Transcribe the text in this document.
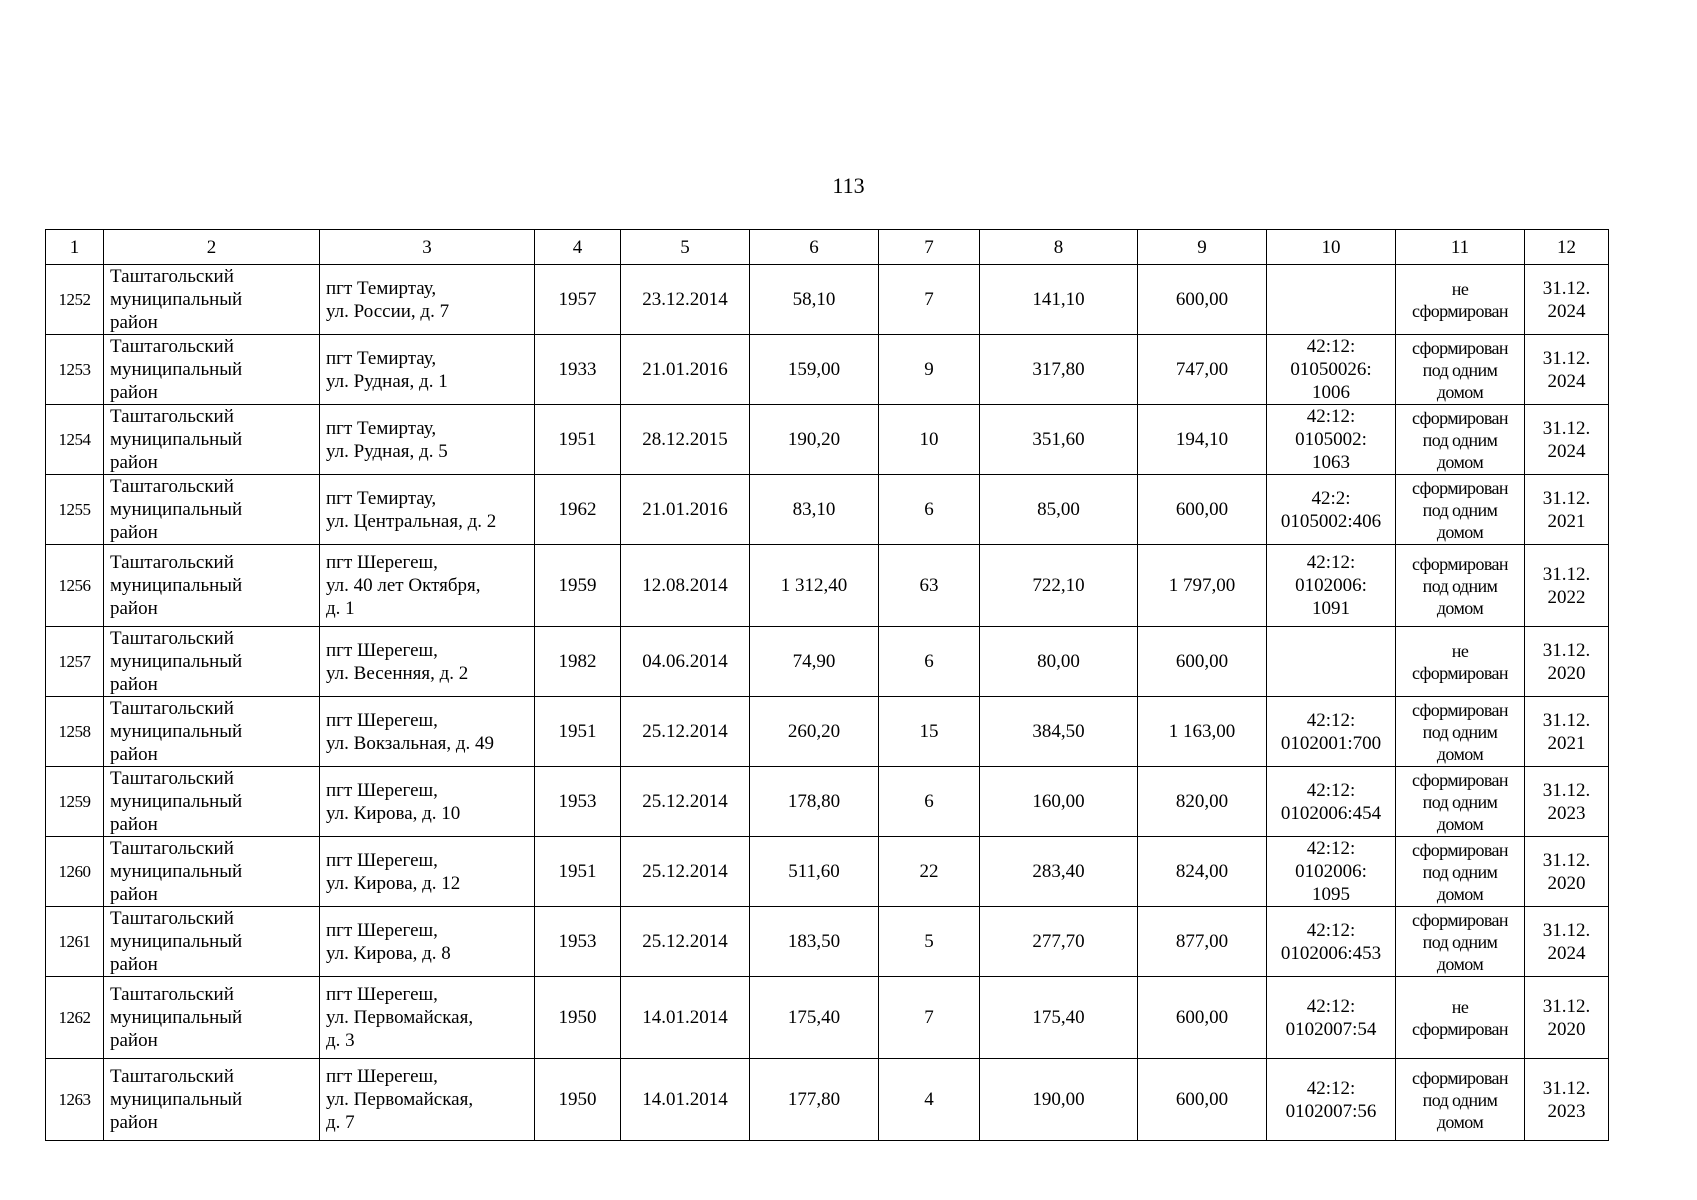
113
1	2	3	4	5	6	7	8	9	10	11	12
1252	Таштагольский
муниципальный
район	пгт Темиртау,
ул. России, д. 7	1957	23.12.2014	58,10	7	141,10	600,00		не
сформирован	31.12.
2024

1253	Таштагольский
муниципальный
район	пгт Темиртау,
ул. Рудная, д. 1	1933	21.01.2016	159,00	9	317,80	747,00	42:12:
01050026:
1006	сформирован
под одним
домом	31.12.
2024

1254	Таштагольский
муниципальный
район	пгт Темиртау,
ул. Рудная, д. 5	1951	28.12.2015	190,20	10	351,60	194,10	42:12:
0105002:
1063	сформирован
под одним
домом	31.12.
2024

1255	Таштагольский
муниципальный
район	пгт Темиртау,
ул. Центральная, д. 2	1962	21.01.2016	83,10	6	85,00	600,00	42:2:
0105002:406	сформирован
под одним
домом	31.12.
2021

1256	Таштагольский
муниципальный
район	пгт Шерегеш,
ул. 40 лет Октября,
д. 1	1959	12.08.2014	1 312,40	63	722,10	1 797,00	42:12:
0102006:
1091	сформирован
под одним
домом	31.12.
2022

1257	Таштагольский
муниципальный
район	пгт Шерегеш,
ул. Весенняя, д. 2	1982	04.06.2014	74,90	6	80,00	600,00		не
сформирован	31.12.
2020

1258	Таштагольский
муниципальный
район	пгт Шерегеш,
ул. Вокзальная, д. 49	1951	25.12.2014	260,20	15	384,50	1 163,00	42:12:
0102001:700	сформирован
под одним
домом	31.12.
2021

1259	Таштагольский
муниципальный
район	пгт Шерегеш,
ул. Кирова, д. 10	1953	25.12.2014	178,80	6	160,00	820,00	42:12:
0102006:454	сформирован
под одним
домом	31.12.
2023

1260	Таштагольский
муниципальный
район	пгт Шерегеш,
ул. Кирова, д. 12	1951	25.12.2014	511,60	22	283,40	824,00	42:12:
0102006:
1095	сформирован
под одним
домом	31.12.
2020

1261	Таштагольский
муниципальный
район	пгт Шерегеш,
ул. Кирова, д. 8	1953	25.12.2014	183,50	5	277,70	877,00	42:12:
0102006:453	сформирован
под одним
домом	31.12.
2024

1262	Таштагольский
муниципальный
район	пгт Шерегеш,
ул. Первомайская,
д. 3	1950	14.01.2014	175,40	7	175,40	600,00	42:12:
0102007:54	не
сформирован	31.12.
2020

1263	Таштагольский
муниципальный
район	пгт Шерегеш,
ул. Первомайская,
д. 7	1950	14.01.2014	177,80	4	190,00	600,00	42:12:
0102007:56	сформирован
под одним
домом	31.12.
2023
